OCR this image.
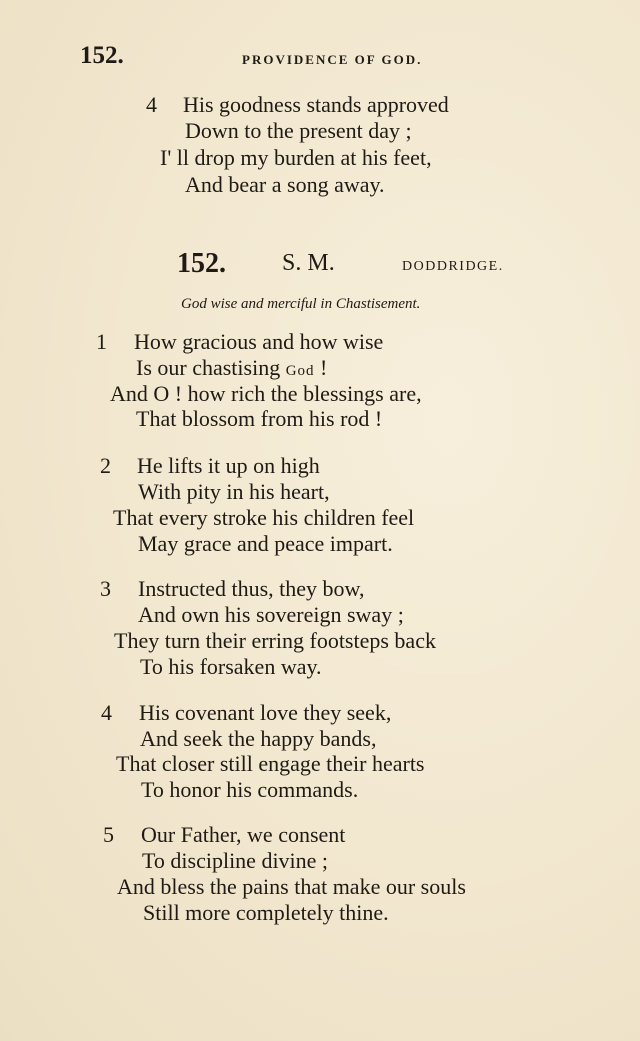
152.	PROVIDENCE OF GOD.
4 His goodness stands approved
Down to the present day ;
I' ll drop my burden at his feet,
And bear a song away.
152. S. M.	DODDRIDGE.
God wise and merciful in Chastisement.
1 How gracious and how wise
Is our chastising God !
And O ! how rich the blessings are,
That blossom from his rod !
2 He lifts it up on high
With pity in his heart,
That every stroke his children feel
May grace and peace impart.
3 Instructed thus, they bow,
And own his sovereign sway ;
They turn their erring footsteps back
To his forsaken way.
4 His covenant love they seek,
And seek the happy bands,
That closer still engage their hearts
To honor his commands.
5 Our Father, we consent
To discipline divine ;
And bless the pains that make our souls
Still more completely thine.
